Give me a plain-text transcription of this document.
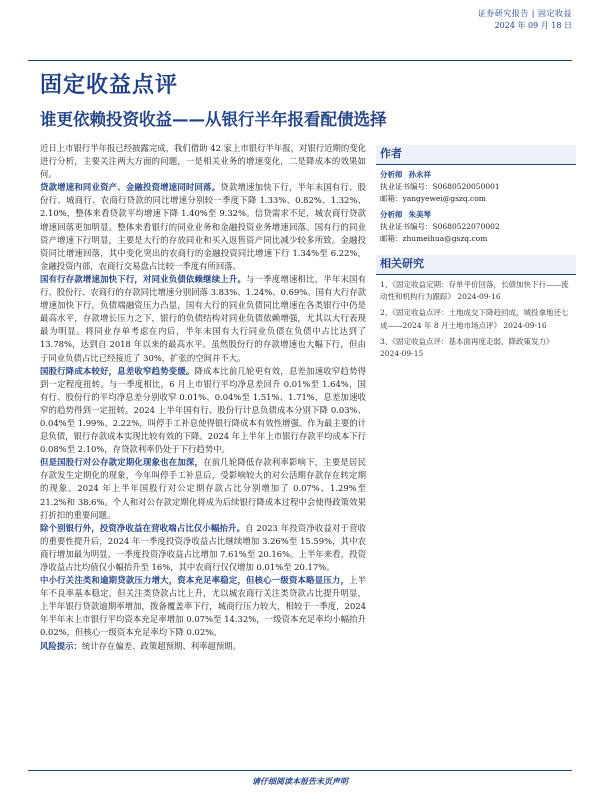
证券研究报告 | 固定收益
2024 年 09 月 18 日
固定收益点评
谁更依赖投资收益——从银行半年报看配债选择

近日上市银行半年报已经披露完成，我们借助 42 家上市银行半年报，对银行近期的变化进行分析，主要关注两大方面的问题，一是相关业务的增速变化，二是降成本的效果如何。

贷款增速和同业资产、金融投资增速同时回落。贷款增速加快下行，半年末国有行、股份行、城商行、农商行贷款的同比增速分别较一季度下降 1.33%、0.82%、1.32%、2.10%，整体来看贷款平均增速下降 1.40%至 9.32%。信贷需求不足，城农商行贷款增速回落更加明显。整体来看银行的同业业务和金融投资业务增速回落。国有行的同业资产增速下行明显，主要是大行的存放同业和买入返售资产同比减少较多所致。金融投资同比增速回落，其中变化突出的农商行的金融投资同比增速下行 1.34%至 6.22%，金融投资内部，农商行交易盘占比较一季度有所回落。

国有行存款增速加快下行，对同业负债依赖继续上升。与一季度增速相比，半年末国有行、股份行、农商行的存款同比增速分别回落 3.83%、1.24%、0.69%。国有大行存款增速加快下行，负债端融资压力凸显，国有大行的同业负债同比增速在各类银行中仍是最高水平，存款增长压力之下，银行的负债结构对同业负债依赖增强，尤其以大行表现最为明显。将同业存单考虑在内后，半年末国有大行同业负债在负债中占比达到了 13.78%，达到自 2018 年以来的最高水平。虽然股份行的存款增速也大幅下行，但由于同业负债占比已经接近了 30%，扩张的空间并不大。

国股行降成本较好，息差收窄趋势变缓。降成本比前几轮更有效，息差加速收窄趋势得到一定程度扭转。与一季度相比，6 月上市银行平均净息差回升 0.01%至 1.64%，国有行、股份行的平均净息差分别收窄 0.01%、0.04%至 1.51%、1.71%，息差加速收窄的趋势得到一定扭转。2024 上半年国有行、股份行计息负债成本分别下降 0.03%、0.04%至 1.99%、2.22%，叫停手工补息使得银行降成本有效性增强。作为最主要的计息负债，银行存款成本实现比较有效的下降。2024 年上半年上市银行存款平均成本下行 0.08%至 2.10%，存贷款利率仍处于下行趋势中。

但是国股行对公存款定期化现象也在加深，在前几轮降低存款利率影响下，主要是居民存款发生定期化的现象，今年叫停手工补息后，受影响较大的对公活期存款存在转定期的现象。2024 年上半年国股行对公定期存款占比分别增加了 0.07%、1.29%至 21.2%和 38.6%。个人和对公存款定期化将成为后续银行降成本过程中会使得政策效果打折扣的重要问题。

除个别银行外，投资净收益在营收端占比仅小幅抬升。自 2023 年投资净收益对于营收的重要性提升后，2024 年一季度投资净收益占比继续增加 3.26%至 15.59%，其中农商行增加最为明显，一季度投资净收益占比增加 7.61%至 20.16%。上半年来看，投资净收益占比均值仅小幅抬升至 16%，其中农商行仅仅增加 0.01%至 20.17%。

中小行关注类和逾期贷款压力增大，资本充足率稳定，但核心一级资本略显压力，上半年不良率基本稳定，但关注类贷款占比上升，尤以城农商行关注类贷款占比提升明显，上半年银行贷款逾期率增加，拨备覆盖率下行，城商行压力较大，相较于一季度，2024 年半年末上市银行平均资本充足率增加 0.07%至 14.32%，一级资本充足率均小幅抬升 0.02%，但核心一级资本充足率均下降 0.02%。

风险提示：统计存在偏差、政策超预期、利率超预期。

作者
分析师 孙永祥
执业证书编号：S0680520050001
邮箱：yangyewei@gszq.com
分析师 朱美琴
执业证书编号：S0680522070002
邮箱：zhumeihua@gszq.com
相关研究
1、《固定收益定期：存单平价回落，长债加快下行——流动性和机构行为跟踪》 2024-09-16
2、《固定收益点评：土地成交下降趋回成，城投拿地还七成——2024 年 8 月土地市场点评》 2024-09-16
3、《固定收益点评：基本面再度走弱，降政策发力》 2024-09-15
请仔细阅读本报告末页声明
